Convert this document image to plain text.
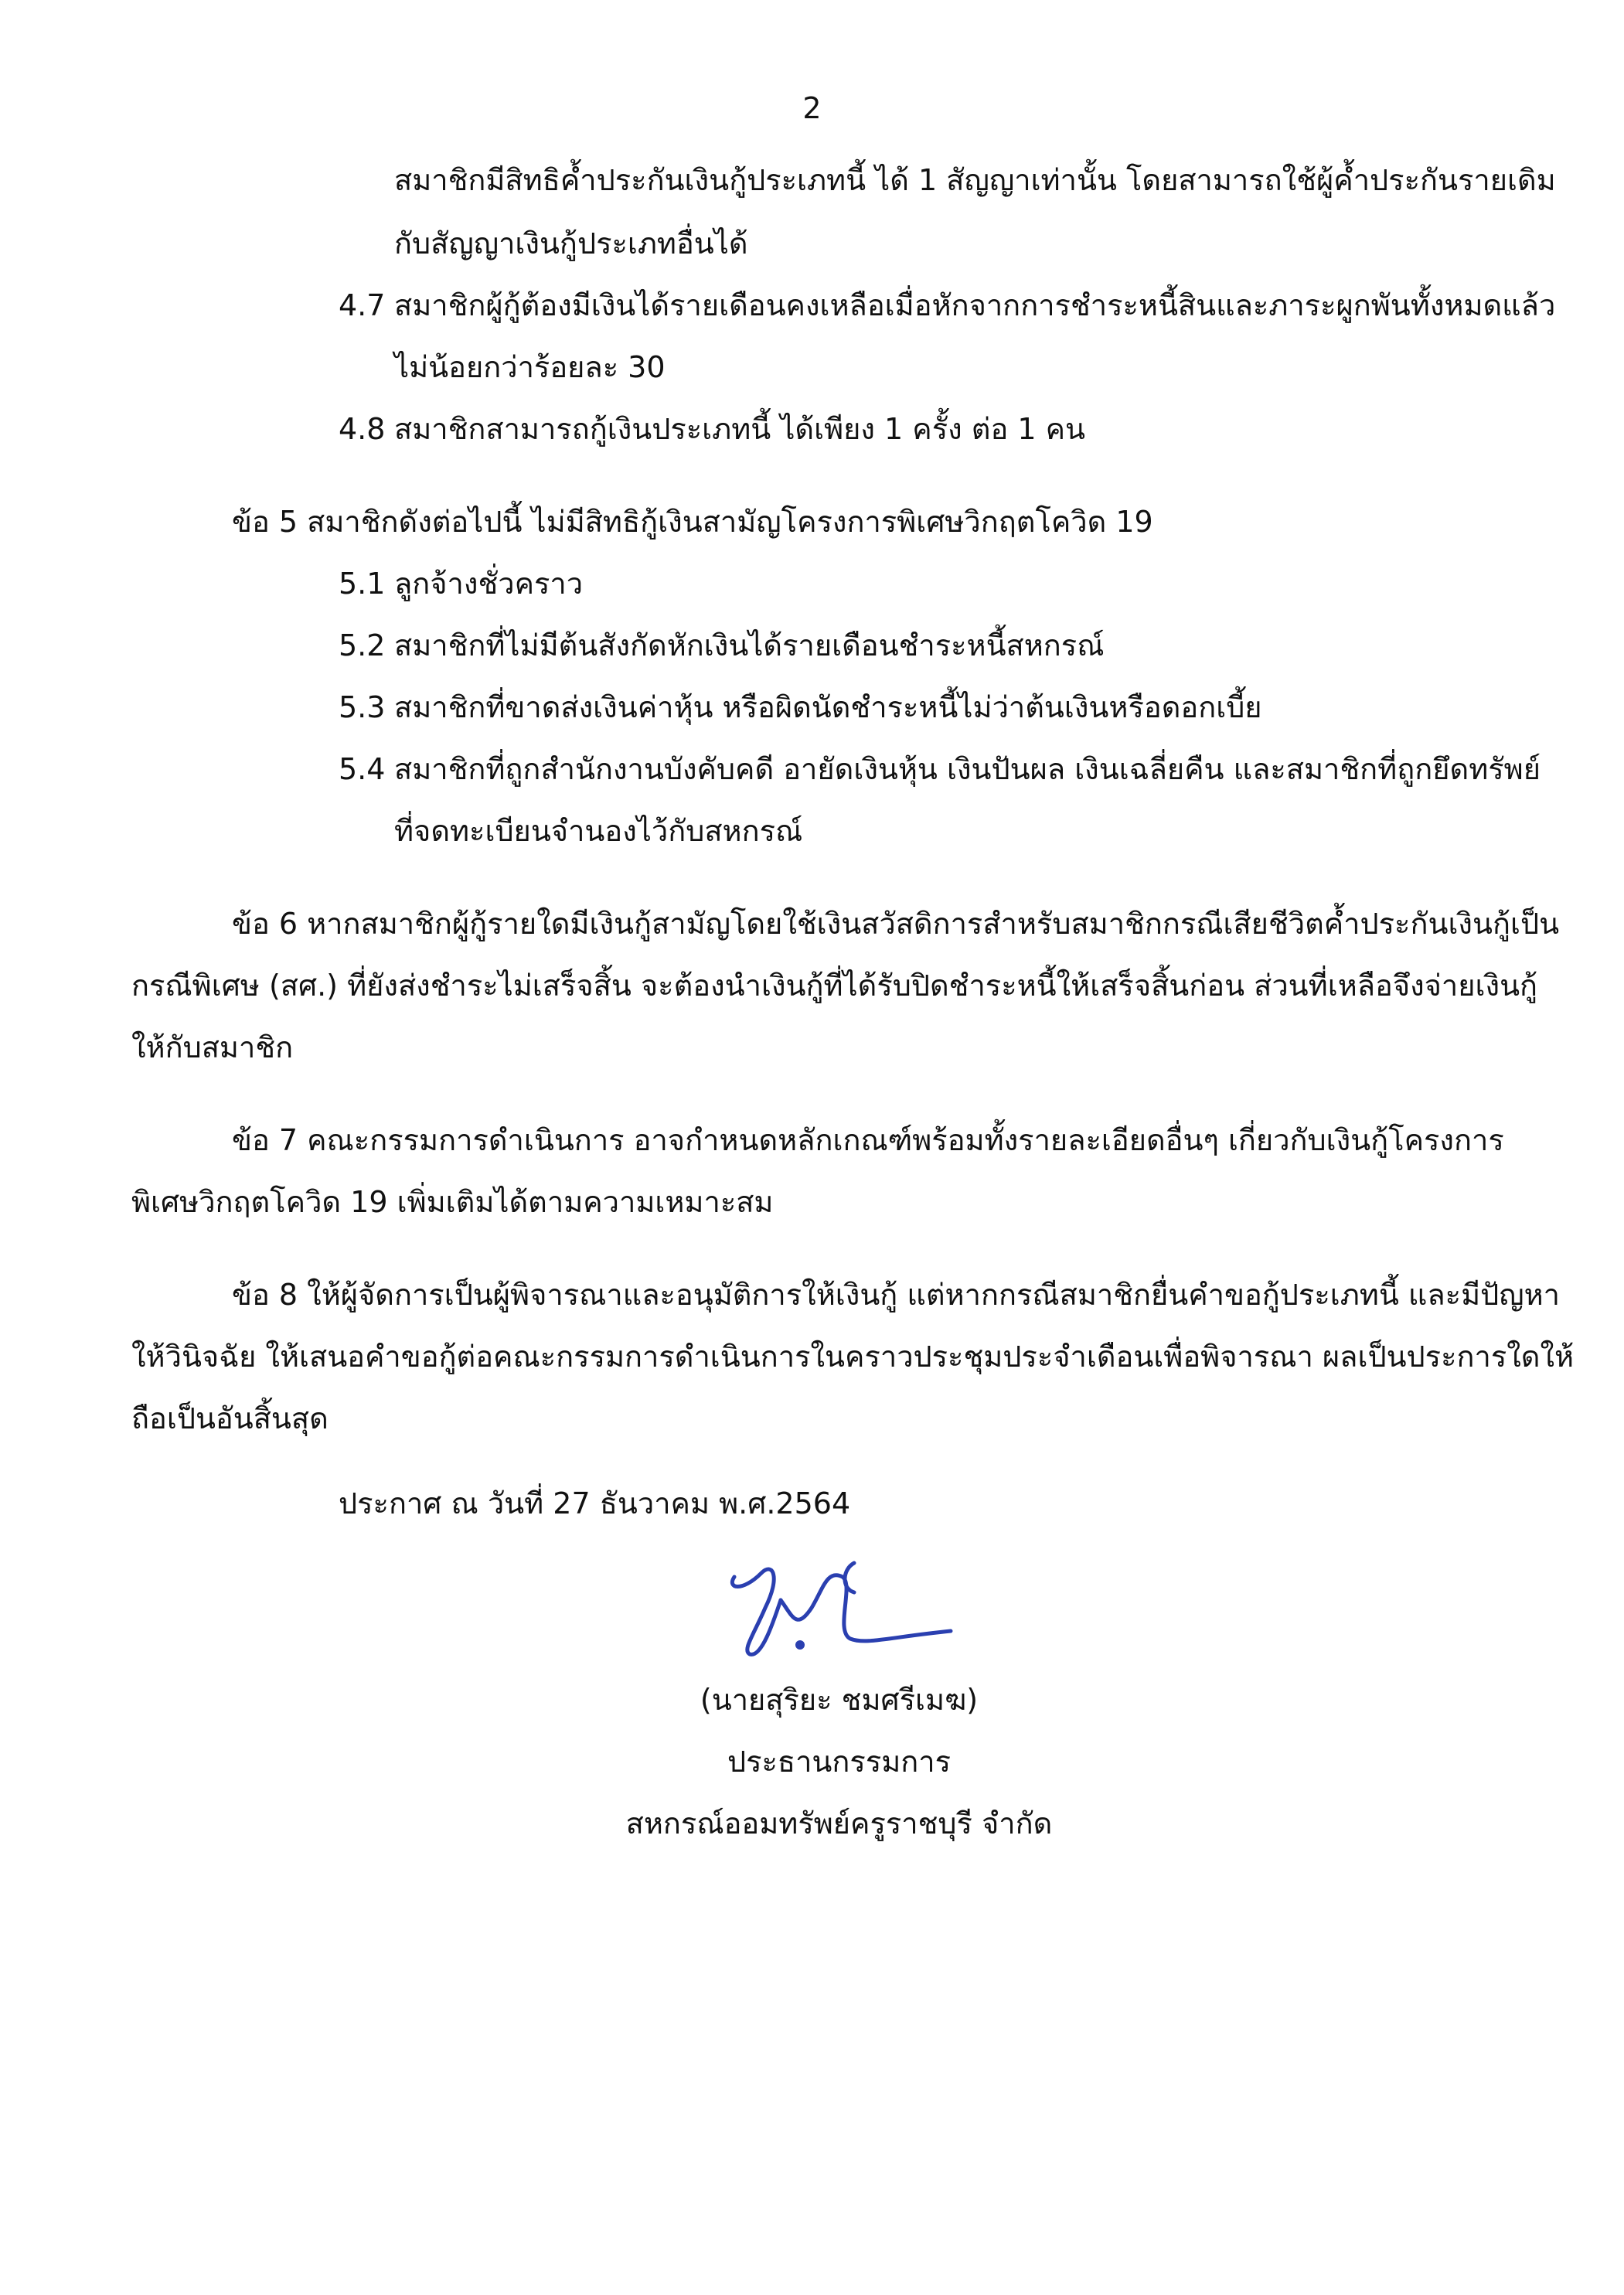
2
สมาชิกมีสิทธิค้ำประกันเงินกู้ประเภทนี้ ได้ 1 สัญญาเท่านั้น โดยสามารถใช้ผู้ค้ำประกันรายเดิม
กับสัญญาเงินกู้ประเภทอื่นได้
4.7 สมาชิกผู้กู้ต้องมีเงินได้รายเดือนคงเหลือเมื่อหักจากการชำระหนี้สินและภาระผูกพันทั้งหมดแล้ว
ไม่น้อยกว่าร้อยละ 30
4.8 สมาชิกสามารถกู้เงินประเภทนี้ ได้เพียง 1 ครั้ง ต่อ 1 คน
ข้อ 5 สมาชิกดังต่อไปนี้ ไม่มีสิทธิกู้เงินสามัญโครงการพิเศษวิกฤตโควิด 19
5.1 ลูกจ้างชั่วคราว
5.2 สมาชิกที่ไม่มีต้นสังกัดหักเงินได้รายเดือนชำระหนี้สหกรณ์
5.3 สมาชิกที่ขาดส่งเงินค่าหุ้น หรือผิดนัดชำระหนี้ไม่ว่าต้นเงินหรือดอกเบี้ย
5.4 สมาชิกที่ถูกสำนักงานบังคับคดี อายัดเงินหุ้น เงินปันผล เงินเฉลี่ยคืน และสมาชิกที่ถูกยึดทรัพย์
ที่จดทะเบียนจำนองไว้กับสหกรณ์
ข้อ 6 หากสมาชิกผู้กู้รายใดมีเงินกู้สามัญโดยใช้เงินสวัสดิการสำหรับสมาชิกกรณีเสียชีวิตค้ำประกันเงินกู้เป็น
กรณีพิเศษ (สศ.) ที่ยังส่งชำระไม่เสร็จสิ้น จะต้องนำเงินกู้ที่ได้รับปิดชำระหนี้ให้เสร็จสิ้นก่อน ส่วนที่เหลือจึงจ่ายเงินกู้
ให้กับสมาชิก
ข้อ 7 คณะกรรมการดำเนินการ อาจกำหนดหลักเกณฑ์พร้อมทั้งรายละเอียดอื่นๆ เกี่ยวกับเงินกู้โครงการ
พิเศษวิกฤตโควิด 19 เพิ่มเติมได้ตามความเหมาะสม
ข้อ 8 ให้ผู้จัดการเป็นผู้พิจารณาและอนุมัติการให้เงินกู้ แต่หากกรณีสมาชิกยื่นคำขอกู้ประเภทนี้ และมีปัญหา
ให้วินิจฉัย ให้เสนอคำขอกู้ต่อคณะกรรมการดำเนินการในคราวประชุมประจำเดือนเพื่อพิจารณา ผลเป็นประการใดให้
ถือเป็นอันสิ้นสุด
ประกาศ ณ วันที่ 27 ธันวาคม พ.ศ.2564
(นายสุริยะ ชมศรีเมฆ)
ประธานกรรมการ
สหกรณ์ออมทรัพย์ครูราชบุรี จำกัด
